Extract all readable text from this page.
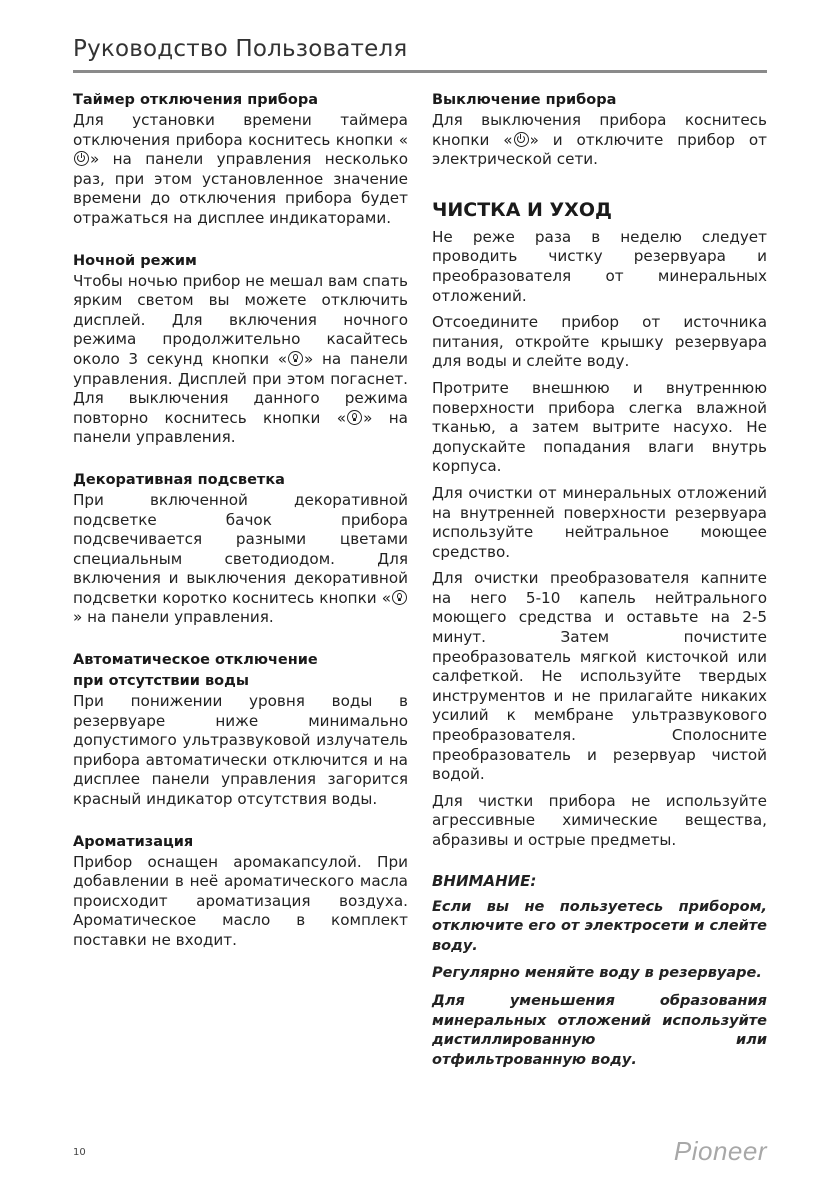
Руководство Пользователя
Таймер отключения прибора

Для установки времени таймера отключения прибора коснитесь кнопки «» на панели управления несколько раз, при этом установленное значение времени до отключения прибора будет отражаться на дисплее индикаторами.

Ночной режим

Чтобы ночью прибор не мешал вам спать ярким светом вы можете отключить дисплей. Для включения ночного режима продолжительно касайтесь около 3 секунд кнопки « » на панели управления. Дисплей при этом погаснет. Для выключения данного режима повторно коснитесь кнопки « » на панели управления.

Декоративная подсветка

При включенной декоративной подсветке бачок прибора подсвечивается разными цветами специальным светодиодом. Для включения и выключения декоративной подсветки коротко коснитесь кнопки «» на панели управления.

Автоматическое отключение
при отсутствии воды

При понижении уровня воды в резервуаре ниже минимально допустимого ультразвуковой излучатель прибора автоматически отключится и на дисплее панели управления загорится красный индикатор отсутствия воды.

Ароматизация

Прибор оснащен аромакапсулой. При добавлении в неё ароматического масла происходит ароматизация воздуха. Ароматическое масло в комплект поставки не входит.

Выключение прибора

Для выключения прибора коснитесь кнопки « » и отключите прибор от электрической сети.

ЧИСТКА И УХОД

Не реже раза в неделю следует проводить чистку резервуара и преобразователя от минеральных отложений.

Отсоедините прибор от источника питания, откройте крышку резервуара для воды и слейте воду.

Протрите внешнюю и внутреннюю поверхности прибора слегка влажной тканью, а затем вытрите насухо. Не допускайте попадания влаги внутрь корпуса.

Для очистки от минеральных отложений на внутренней поверхности резервуара используйте нейтральное моющее средство.

Для очистки преобразователя капните на него 5-10 капель нейтрального моющего средства и оставьте на 2-5 минут. Затем почистите преобразователь мягкой кисточкой или салфеткой. Не используйте твердых инструментов и не прилагайте никаких усилий к мембране ультразвукового преобразователя. Сполосните преобразователь и резервуар чистой водой.

Для чистки прибора не используйте агрессивные химические вещества, абразивы и острые предметы.

ВНИМАНИЕ:
Если вы не пользуетесь прибором, отключите его от электросети и слейте воду.
Регулярно меняйте воду в резервуаре.
Для уменьшения образования минеральных отложений используйте дистиллированную или отфильтрованную воду.
10	Pioneer
